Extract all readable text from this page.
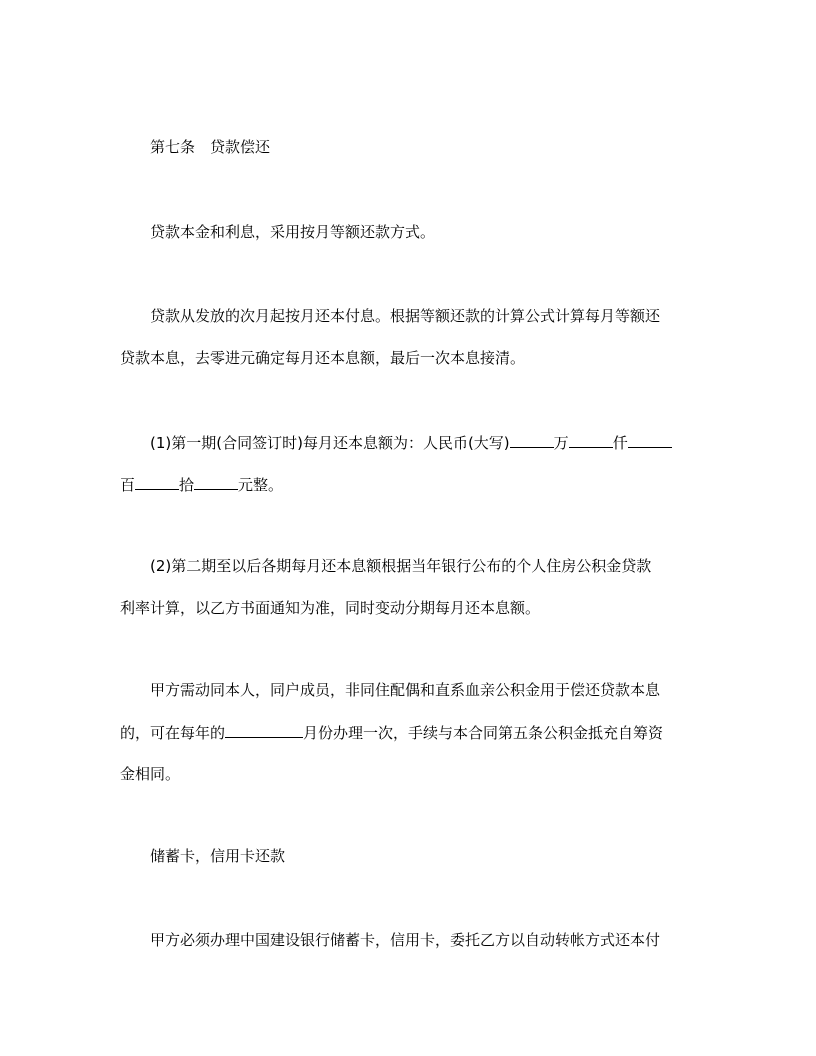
第七条　贷款偿还
贷款本金和利息，采用按月等额还款方式。
贷款从发放的次月起按月还本付息。根据等额还款的计算公式计算每月等额还
贷款本息，去零进元确定每月还本息额，最后一次本息接清。
(1)第一期(合同签订时)每月还本息额为：人民币(大写)	万	仟
百	拾	元整。
(2)第二期至以后各期每月还本息额根据当年银行公布的个人住房公积金贷款
利率计算，以乙方书面通知为准，同时变动分期每月还本息额。
甲方需动同本人，同户成员，非同住配偶和直系血亲公积金用于偿还贷款本息
的，可在每年的	月份办理一次，手续与本合同第五条公积金抵充自筹资
金相同。
储蓄卡，信用卡还款
甲方必须办理中国建设银行储蓄卡，信用卡，委托乙方以自动转帐方式还本付
